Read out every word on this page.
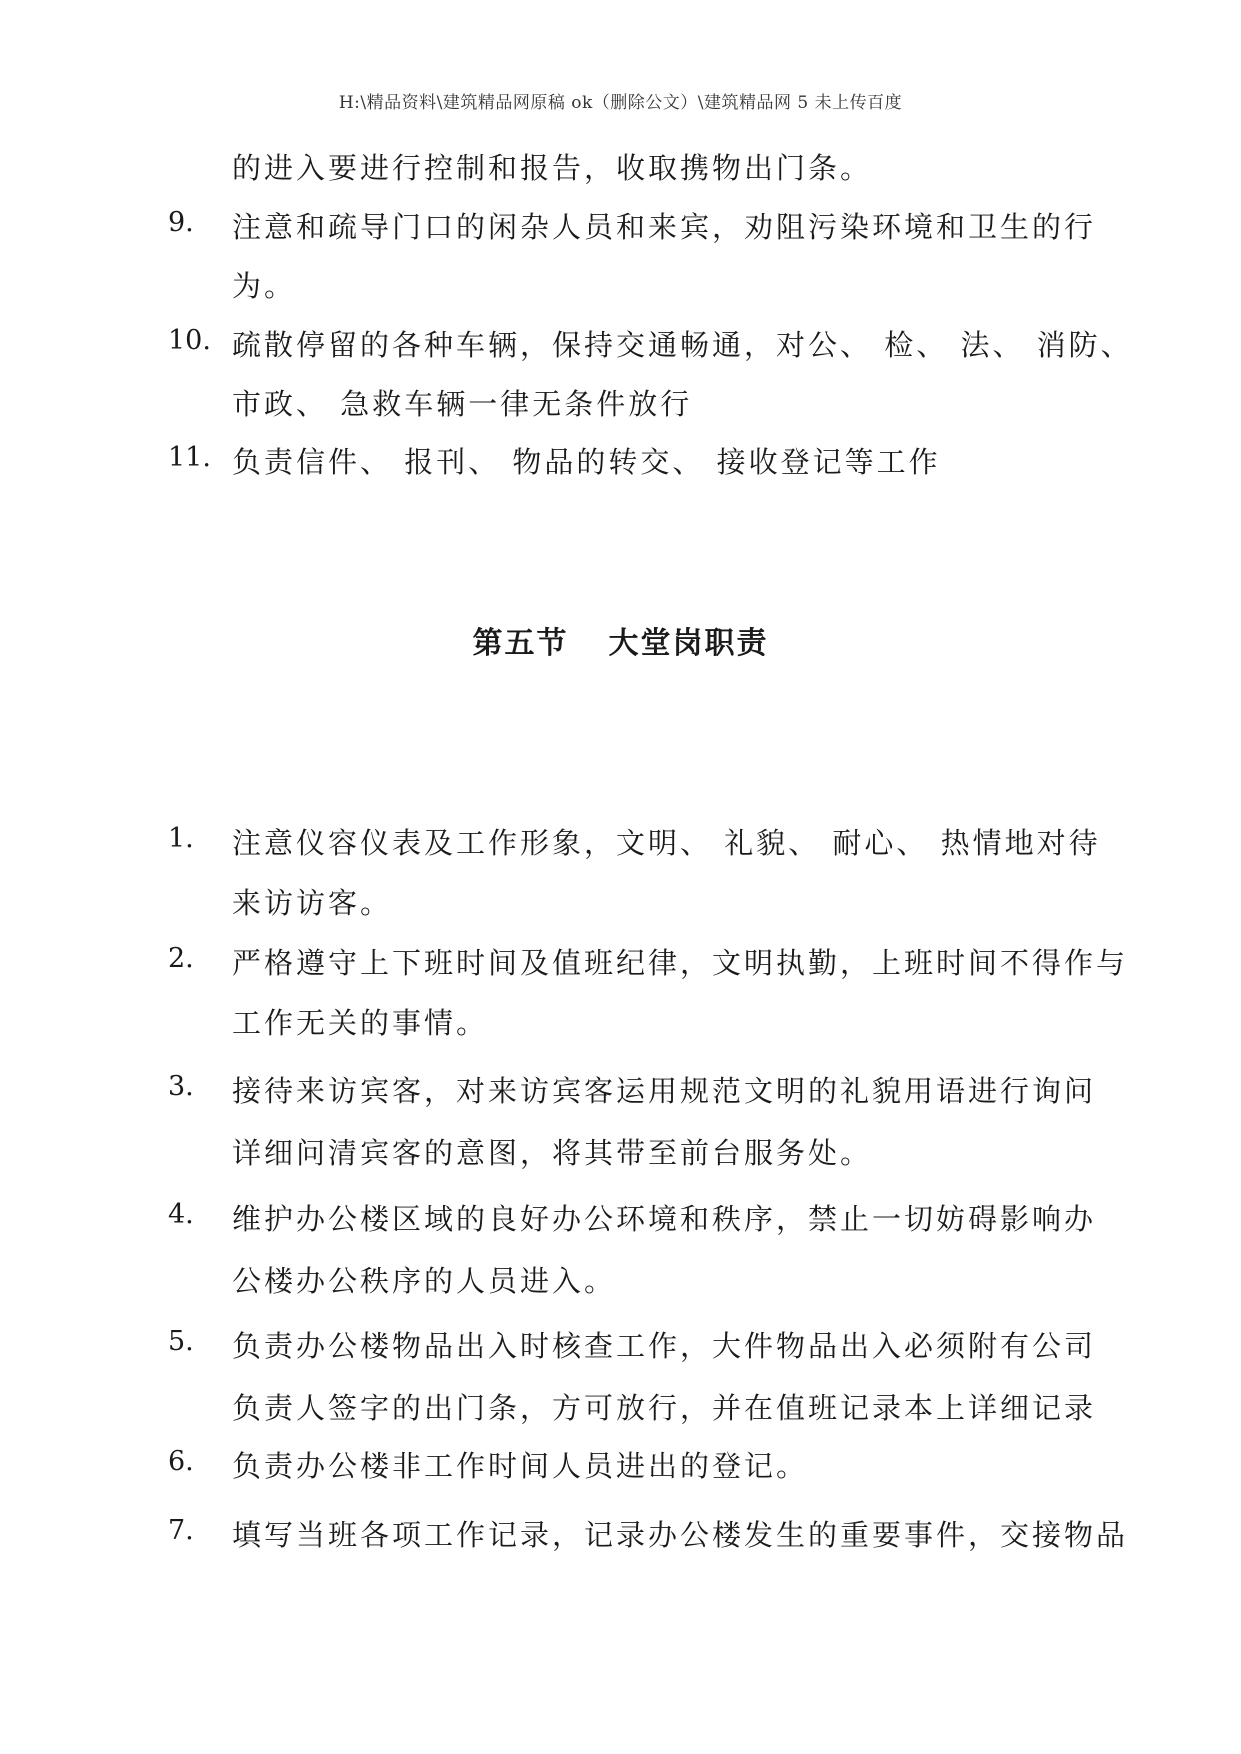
H:\精品资料\建筑精品网原稿 ok（删除公文）\建筑精品网 5 未上传百度
的进入要进行控制和报告，收取携物出门条。
9. 注意和疏导门口的闲杂人员和来宾，劝阻污染环境和卫生的行
为。
10. 疏散停留的各种车辆，保持交通畅通，对公、 检、 法、 消防、
市政、 急救车辆一律无条件放行
11. 负责信件、 报刊、 物品的转交、 接收登记等工作
第五节 大堂岗职责
1. 注意仪容仪表及工作形象，文明、 礼貌、 耐心、 热情地对待
来访访客。
2. 严格遵守上下班时间及值班纪律，文明执勤，上班时间不得作与
工作无关的事情。
3. 接待来访宾客，对来访宾客运用规范文明的礼貌用语进行询问
详细问清宾客的意图，将其带至前台服务处。
4. 维护办公楼区域的良好办公环境和秩序，禁止一切妨碍影响办
公楼办公秩序的人员进入。
5. 负责办公楼物品出入时核查工作，大件物品出入必须附有公司
负责人签字的出门条，方可放行，并在值班记录本上详细记录
6. 负责办公楼非工作时间人员进出的登记。
7. 填写当班各项工作记录，记录办公楼发生的重要事件，交接物品
